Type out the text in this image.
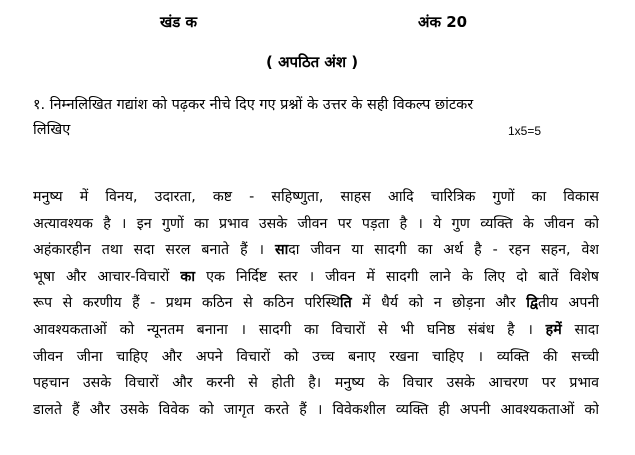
खंड क	अंक 20
( अपठित अंश )
१. निम्नलिखित गद्यांश को पढ़कर नीचे दिए गए प्रश्नों के उत्तर के सही विकल्प छांटकर
लिखिए	1x5=5
मनुष्य में विनय, उदारता, कष्ट - सहिष्णुता, साहस आदि चारित्रिक गुणों का विकास
अत्यावश्यक है । इन गुणों का प्रभाव उसके जीवन पर पड़ता है । ये गुण व्यक्ति के जीवन को
अहंकारहीन तथा सदा सरल बनाते हैं । सादा जीवन या सादगी का अर्थ है - रहन सहन, वेश
भूषा और आचार-विचारों का एक निर्दिष्ट स्तर । जीवन में सादगी लाने के लिए दो बातें विशेष
रूप से करणीय हैं - प्रथम कठिन से कठिन परिस्थिति में धैर्य को न छोड़ना और द्वितीय अपनी
आवश्यकताओं को न्यूनतम बनाना । सादगी का विचारों से भी घनिष्ठ संबंध है । हमें सादा
जीवन जीना चाहिए और अपने विचारों को उच्च बनाए रखना चाहिए । व्यक्ति की सच्ची
पहचान उसके विचारों और करनी से होती है। मनुष्य के विचार उसके आचरण पर प्रभाव
डालते हैं और उसके विवेक को जागृत करते हैं । विवेकशील व्यक्ति ही अपनी आवश्यकताओं को
